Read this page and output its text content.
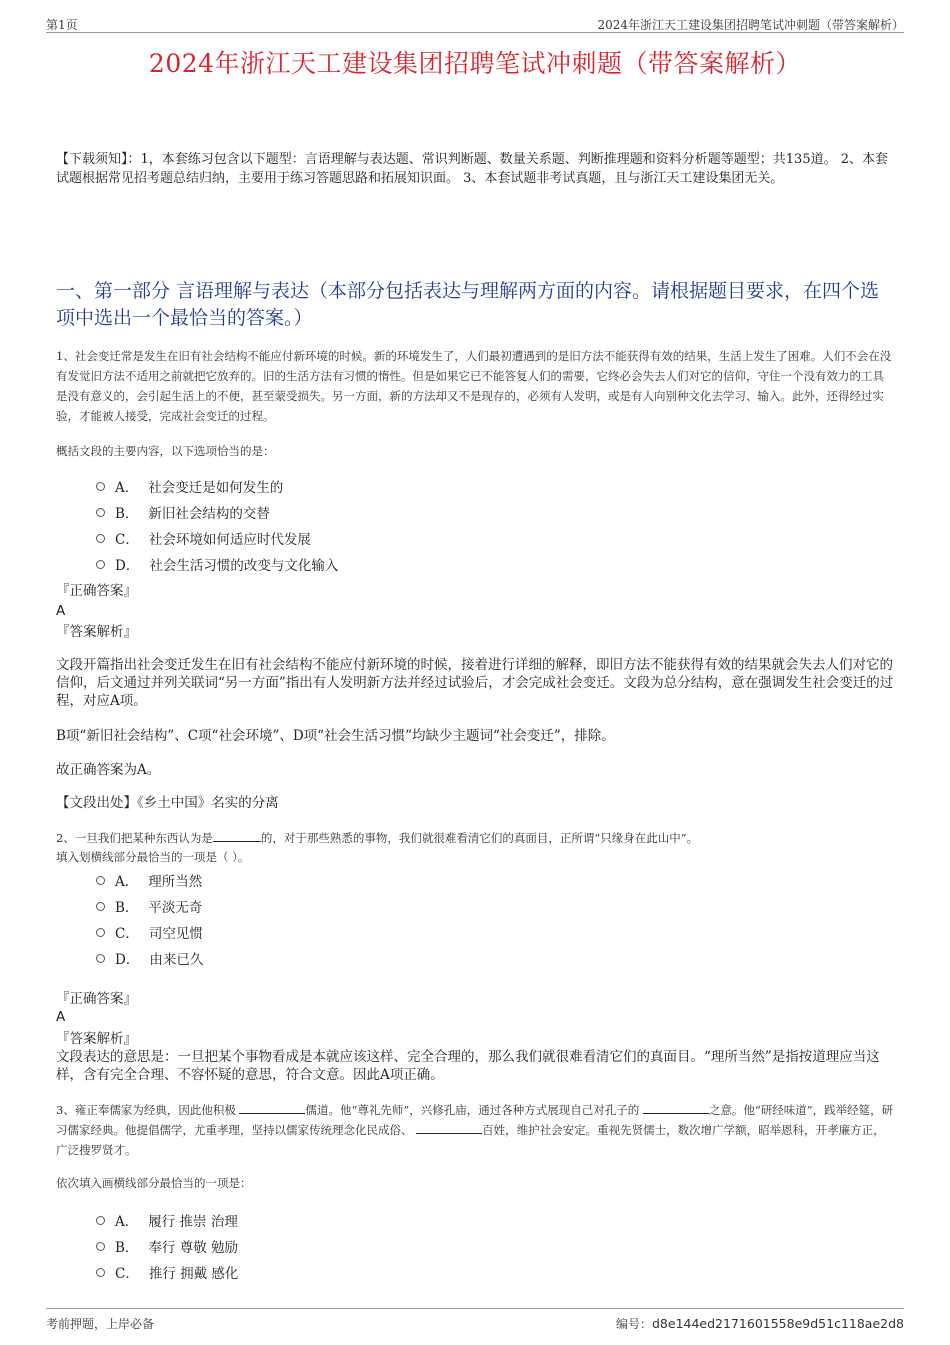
第1页	2024年浙江天工建设集团招聘笔试冲刺题（带答案解析）
2024年浙江天工建设集团招聘笔试冲刺题（带答案解析）
【下载须知】：1，本套练习包含以下题型：言语理解与表达题、常识判断题、数量关系题、判断推理题和资料分析题等题型；共135道。 2、本套试题根据常见招考题总结归纳，主要用于练习答题思路和拓展知识面。 3、本套试题非考试真题，且与浙江天工建设集团无关。
一、第一部分 言语理解与表达（本部分包括表达与理解两方面的内容。请根据题目要求，在四个选项中选出一个最恰当的答案。）
1、社会变迁常是发生在旧有社会结构不能应付新环境的时候。新的环境发生了，人们最初遭遇到的是旧方法不能获得有效的结果，生活上发生了困难。人们不会在没有发觉旧方法不适用之前就把它放弃的。旧的生活方法有习惯的惰性。但是如果它已不能答复人们的需要，它终必会失去人们对它的信仰，守住一个没有效力的工具是没有意义的，会引起生活上的不便，甚至蒙受损失。另一方面，新的方法却又不是现存的，必须有人发明，或是有人向别种文化去学习、输入。此外，还得经过实验，才能被人接受，完成社会变迁的过程。
概括文段的主要内容，以下选项恰当的是：
A． 社会变迁是如何发生的
B． 新旧社会结构的交替
C． 社会环境如何适应时代发展
D． 社会生活习惯的改变与文化输入
『正确答案』
A
『答案解析』
文段开篇指出社会变迁发生在旧有社会结构不能应付新环境的时候，接着进行详细的解释，即旧方法不能获得有效的结果就会失去人们对它的信仰，后文通过并列关联词“另一方面”指出有人发明新方法并经过试验后，才会完成社会变迁。文段为总分结构，意在强调发生社会变迁的过程，对应A项。
B项“新旧社会结构”、C项“社会环境”、D项“社会生活习惯”均缺少主题词“社会变迁”，排除。
故正确答案为A。
【文段出处】《乡土中国》名实的分离
2、一旦我们把某种东西认为是	的，对于那些熟悉的事物，我们就很难看清它们的真面目，正所谓“只缘身在此山中”。
填入划横线部分最恰当的一项是（ ）。
A． 理所当然
B． 平淡无奇
C． 司空见惯
D． 由来已久
『正确答案』
A
『答案解析』
文段表达的意思是：一旦把某个事物看成是本就应该这样、完全合理的，那么我们就很难看清它们的真面目。“理所当然”是指按道理应当这样，含有完全合理、不容怀疑的意思，符合文意。因此A项正确。
3、雍正奉儒家为经典，因此他积极	儒道。他“尊礼先师”，兴修孔庙，通过各种方式展现自己对孔子的	之意。他“研经味道”，践举经筵，研习儒家经典。他提倡儒学，尤重孝理，坚持以儒家传统理念化民成俗、	百姓，维护社会安定。重视先贤儒士，数次增广学额，昭举恩科，开孝廉方正，广泛搜罗贤才。
依次填入画横线部分最恰当的一项是：
A． 履行 推崇 治理
B． 奉行 尊敬 勉励
C． 推行 拥戴 感化
考前押题，上岸必备	编号：d8e144ed2171601558e9d51c118ae2d8
